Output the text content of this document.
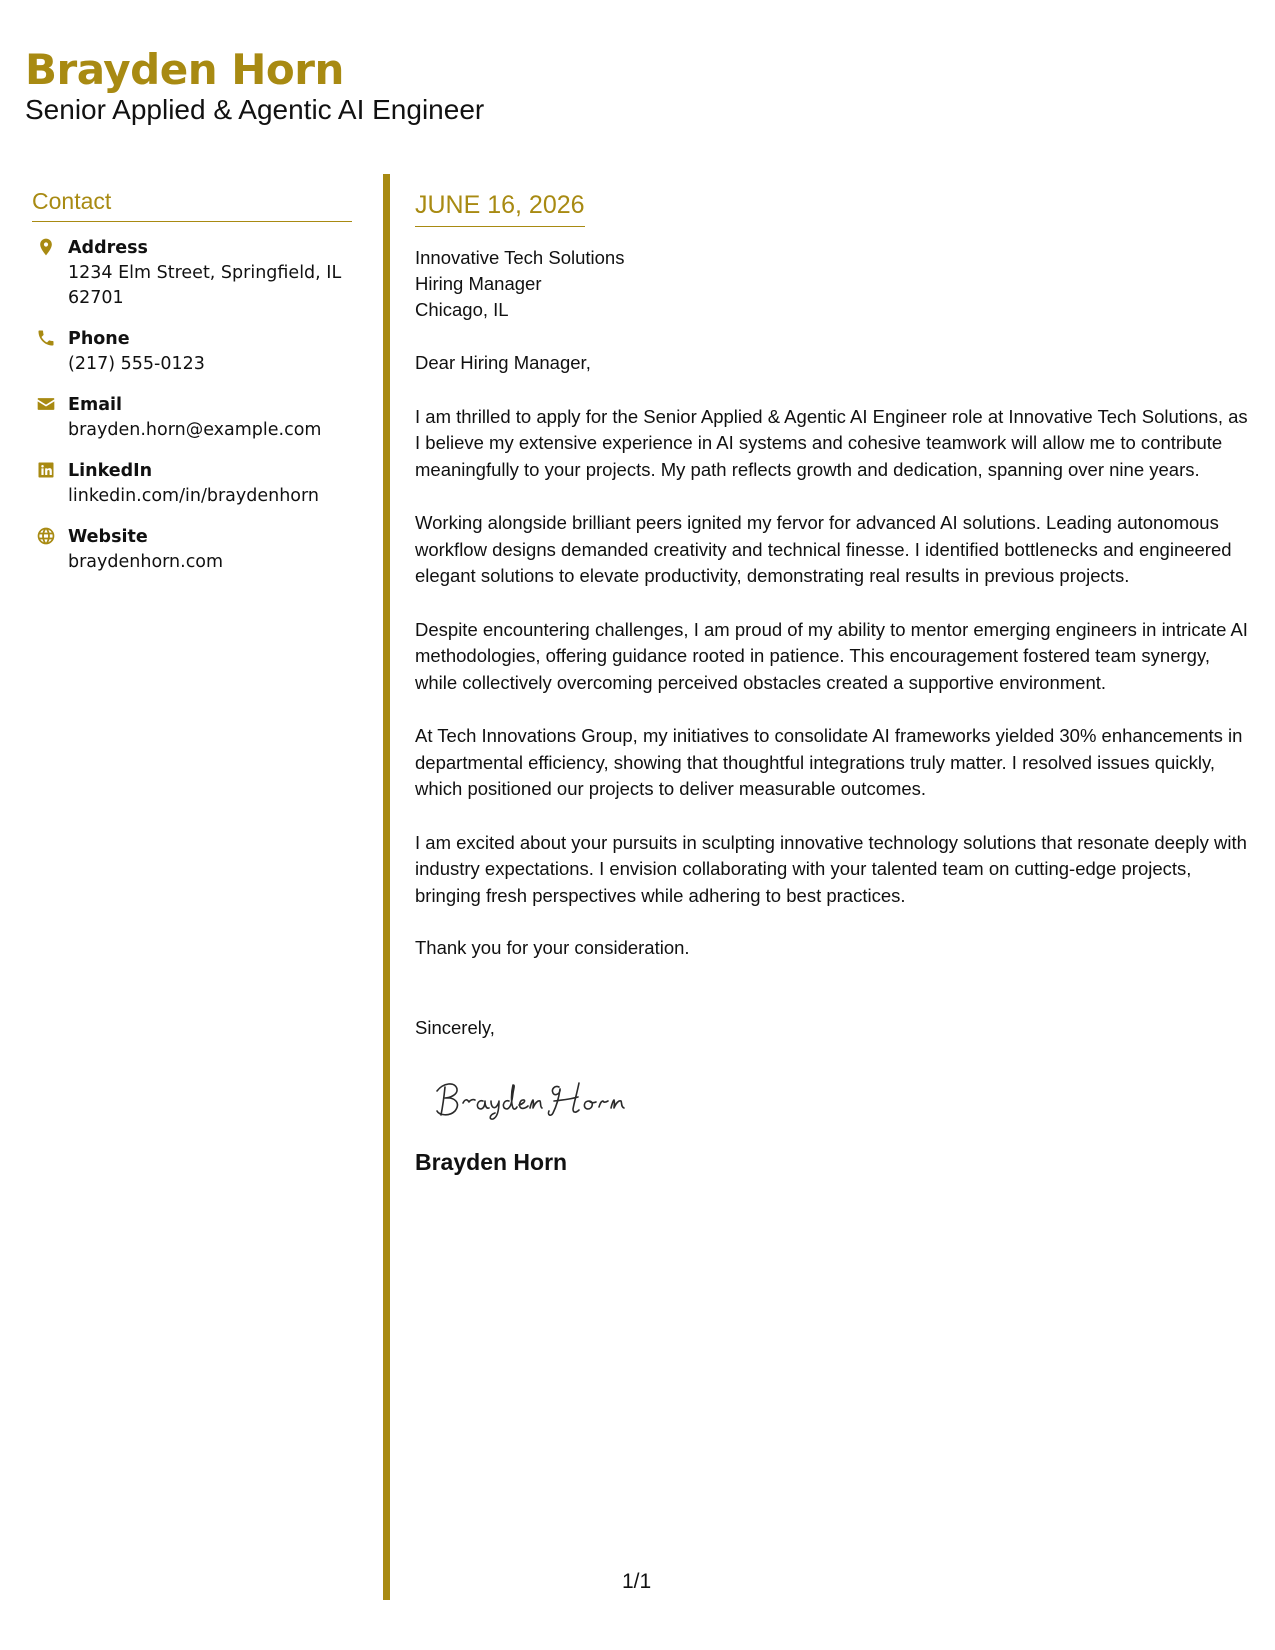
Brayden Horn
Senior Applied & Agentic AI Engineer
Contact
Address
1234 Elm Street, Springfield, IL 62701
Phone
(217) 555-0123
Email
brayden.horn@example.com
LinkedIn
linkedin.com/in/braydenhorn
Website
braydenhorn.com
JUNE 16, 2026
Innovative Tech Solutions
Hiring Manager
Chicago, IL
Dear Hiring Manager,
I am thrilled to apply for the Senior Applied & Agentic AI Engineer role at Innovative Tech Solutions, as I believe my extensive experience in AI systems and cohesive teamwork will allow me to contribute meaningfully to your projects. My path reflects growth and dedication, spanning over nine years.
Working alongside brilliant peers ignited my fervor for advanced AI solutions. Leading autonomous workflow designs demanded creativity and technical finesse. I identified bottlenecks and engineered elegant solutions to elevate productivity, demonstrating real results in previous projects.
Despite encountering challenges, I am proud of my ability to mentor emerging engineers in intricate AI methodologies, offering guidance rooted in patience. This encouragement fostered team synergy, while collectively overcoming perceived obstacles created a supportive environment.
At Tech Innovations Group, my initiatives to consolidate AI frameworks yielded 30% enhancements in departmental efficiency, showing that thoughtful integrations truly matter. I resolved issues quickly, which positioned our projects to deliver measurable outcomes.
I am excited about your pursuits in sculpting innovative technology solutions that resonate deeply with industry expectations. I envision collaborating with your talented team on cutting-edge projects, bringing fresh perspectives while adhering to best practices.
Thank you for your consideration.
Sincerely,
Brayden Horn
1/1
